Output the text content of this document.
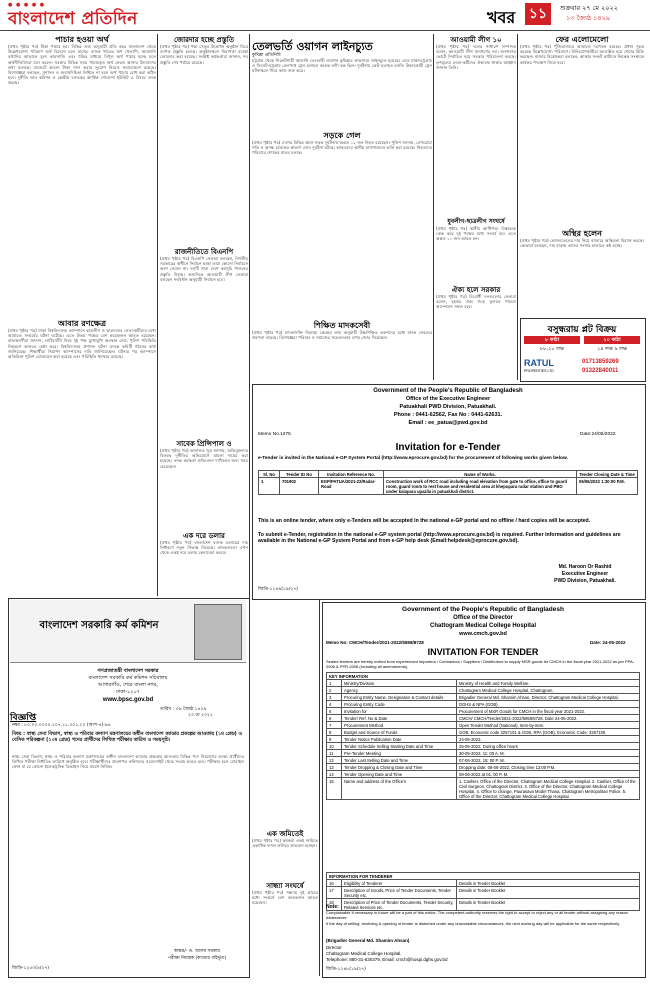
● ● ● ● ●
বাংলাদেশ প্রতিদিন	খবর ১১	শুক্রবার ২৭ মে ২০২২
১৩ জ্যৈষ্ঠ ১৪২৯
পাচার হওয়া অর্থ
(প্রথম পৃষ্ঠার পর) টাকা পাচার হয়। বিভিন্ন তথ্য অনুযায়ী প্রতি বছর বাংলাদেশ থেকে উল্লেখযোগ্য পরিমাণ অর্থ বিদেশে চলে যাচ্ছে। ব্যাংক খাতের ঋণ খেলাপি, আমদানি রপ্তানির আড়ালে মূল্য কারসাজি এবং হুন্ডির মাধ্যমে বিপুল অর্থ পাচার হচ্ছে বলে অর্থনীতিবিদরা মনে করেন। সরকার বিভিন্ন সময় পাচারকৃত অর্থ ফেরত আনার উদ্যোগের কথা বলেছে। বাজেটে কালো টাকা সাদা করার সুযোগ নিয়েও সমালোচনা রয়েছে। বিশেষজ্ঞরা বলছেন, সুশাসন ও জবাবদিহিতা নিশ্চিত না হলে অর্থ পাচার রোধ করা কঠিন হবে। দুর্নীতি দমন কমিশন ও কেন্দ্রীয় ব্যাংকের আর্থিক গোয়েন্দা ইউনিট এ বিষয়ে তদন্ত করছে।
আবার রণক্ষেত্র
(প্রথম পৃষ্ঠার পর) ঢাকা বিশ্ববিদ্যালয় ক্যাম্পাসে ছাত্রলীগ ও ছাত্রদলের নেতা-কর্মীদের মধ্যে আবারও সংঘর্ষের ঘটনা ঘটেছে। এতে উভয় পক্ষের বেশ কয়েকজন আহত হয়েছেন। প্রত্যক্ষদর্শীরা জানান, লাঠিসোঁটা নিয়ে দুই পক্ষ মুখোমুখি অবস্থান নেয়। পুলিশ পরিস্থিতি নিয়ন্ত্রণে আনতে চেষ্টা করে। বিশ্ববিদ্যালয় প্রশাসন ঘটনা তদন্তে কমিটি গঠনের কথা জানিয়েছে। শিক্ষার্থীরা নিরাপদ ক্যাম্পাসের দাবি জানিয়েছেন। ঘটনার পর ক্যাম্পাসে অতিরিক্ত পুলিশ মোতায়েন করা হয়েছে এবং পরিস্থিতি থমথমে রয়েছে।
বাংলাদেশ সরকারি কর্ম কমিশন
গণপ্রজাতন্ত্রী বাংলাদেশ সরকার
বাংলাদেশ সরকারি কর্ম কমিশন সচিবালয়
আগারগাঁও, শেরে বাংলা নগর,
ঢাকা-১২০৭
www.bpsc.gov.bd
বিজ্ঞপ্তি
তারিখ : ০৯ জ্যৈষ্ঠ ১৪২৯
২৩ মে ২০২২
নম্বর : ৮০.০০.০০০০.১০৭.১১.০০১.২০ (অংশ-৪)-৯৪
বিষয় : স্বাস্থ্য সেবা বিভাগ, স্বাস্থ্য ও পরিবার কল্যাণ মন্ত্রণালয়ের অধীন বাংলাদেশ ক্যাডার প্রকল্পের আওতায় (১ম গ্রেড) ও বেসিক পরিকল্পনা (১০ম গ্রেড) পদের প্রার্থীদের লিখিত পরীক্ষার তারিখ ও সময়সূচি।
স্বাস্থ্য সেবা বিভাগ, স্বাস্থ্য ও পরিবার কল্যাণ মন্ত্রণালয়ের অধীন বাংলাদেশ ক্যাডার প্রকল্পের আওতায় বিভিন্ন পদে নিয়োগের লক্ষ্যে প্রার্থীদের লিখিত পরীক্ষা নির্ধারিত তারিখে অনুষ্ঠিত হবে। পরীক্ষার্থীদের প্রবেশপত্র কমিশনের ওয়েবসাইট থেকে সংগ্রহ করতে হবে। পরীক্ষার হলে মোবাইল ফোন বা যে কোনো ইলেকট্রনিক ডিভাইস নিয়ে প্রবেশ নিষিদ্ধ।
স্বাক্ষর/- ড. আলম সরকার
পরীক্ষা নিয়ন্ত্রক (ক্যাডার বহির্ভূত)
জিডি-১২৫০(৪/২৭)
জোরদার হচ্ছে প্রস্তুতি
(প্রথম পৃষ্ঠার পর) পদ্মা সেতুর উদ্বোধন অনুষ্ঠান ঘিরে ব্যাপক প্রস্তুতি চলছে। অনুষ্ঠানস্থলে নিরাপত্তা ব্যবস্থা জোরদার করা হয়েছে। সংশ্লিষ্ট কর্মকর্তারা জানান, সব প্রস্তুতি শেষ পর্যায়ে রয়েছে।
রাজনীতিতে বিএনপি
(প্রথম পৃষ্ঠার পর) বিএনপি নেতারা বলছেন, নির্দলীয় সরকারের অধীনে নির্বাচন ছাড়া তারা কোনো নির্বাচনে অংশ নেবেন না। দলটি সারা দেশে কর্মসূচি পালনের প্রস্তুতি নিচ্ছে। অন্যদিকে আওয়ামী লীগ নেতারা বলছেন সংবিধান অনুযায়ী নির্বাচন হবে।
সাবেক প্রিন্সিপাল ও
(প্রথম পৃষ্ঠার পর) আদালত সূত্র জানায়, অভিযুক্তদের বিরুদ্ধে দুর্নীতির অভিযোগে মামলা দায়ের করা হয়েছে। তদন্ত কর্মকর্তা প্রতিবেদন দাখিলের জন্য সময় চেয়েছেন।
এক দরে ডলার
(প্রথম পৃষ্ঠার পর) বাংলাদেশ ব্যাংক ডলারের দাম নির্ধারণে নতুন সিদ্ধান্ত নিয়েছে। ব্যাংকগুলো এখন থেকে একই দরে ডলার কেনাবেচা করবে।
তেলভর্তি ওয়াগন লাইনচ্যুত
কুমিল্লা প্রতিনিধি
চট্টগ্রাম থেকে সিলেটগামী জ্বালানি তেলবাহী ওয়াগন কুমিল্লার লাকসামে লাইনচ্যুত হয়েছে। এতে ঢাকা-চট্টগ্রাম ও সিলেট-চট্টগ্রাম রেলপথে ট্রেন চলাচল কয়েক ঘণ্টা বন্ধ ছিল। দুর্ঘটনায় কেউ হতাহত হননি। উদ্ধারকারী ট্রেন ঘটনাস্থলে গিয়ে কাজ শুরু করে।
সড়কে গেল
(প্রথম পৃষ্ঠার পর) দেশের বিভিন্ন স্থানে সড়ক দুর্ঘটনায় অন্তত ১২ জন নিহত হয়েছেন। পুলিশ জানায়, বেপরোয়া গতি ও অদক্ষ চালকের কারণে এসব দুর্ঘটনা ঘটছে। আহতদের স্থানীয় হাসপাতালে ভর্তি করা হয়েছে। নিহতদের পরিবারে শোকের মাতম চলছে।
শিক্ষিত মাদকসেবী
(প্রথম পৃষ্ঠার পর) মাদকাসক্তি নিরাময় কেন্দ্রের তথ্য অনুযায়ী উচ্চশিক্ষিত তরুণদের মধ্যে মাদক সেবনের প্রবণতা বাড়ছে। বিশেষজ্ঞরা পরিবার ও সমাজের সচেতনতার ওপর জোর দিয়েছেন।
আওয়ামী লীগ ১০
(প্রথম পৃষ্ঠার পর) দলের সাধারণ সম্পাদক বলেন, আওয়ামী লীগ জনগণের দল। জনগণের ভোটে নির্বাচিত হয়ে সরকার পরিচালনা করছে। তৃণমূলের নেতা-কর্মীদের ঐক্যবদ্ধ থাকার আহ্বান জানান তিনি।
যুবলীগ-ছাত্রলীগ সংঘর্ষে
(প্রথম পৃষ্ঠার পর) স্থানীয় আধিপত্য বিস্তারকে কেন্দ্র করে দুই পক্ষের মধ্যে সংঘর্ষ হয়। এতে অন্তত ১০ জন আহত হন।
ঐক্য হলে সরকার
(প্রথম পৃষ্ঠার পর) বিরোধী দলগুলোর নেতারা বলেন, বৃহত্তর ঐক্য গড়ে তুলতে পারলে আন্দোলন সফল হবে।
ফের এলোমেলো
(প্রথম পৃষ্ঠার পর) পুঁজিবাজারে আবারও দরপতন হয়েছে। প্রধান সূচক কমেছে উল্লেখযোগ্য পরিমাণে। বিনিয়োগকারীরা আতঙ্কিত হয়ে শেয়ার বিক্রি করছেন। বাজার বিশ্লেষকরা বলছেন, আস্থার সংকট কাটাতে নিয়ন্ত্রক সংস্থাকে কার্যকর পদক্ষেপ নিতে হবে।
অস্থির হলেন
(প্রথম পৃষ্ঠার পর) ভোজ্যতেলের দাম নিয়ে বাজারে অস্থিরতা বিরাজ করছে। ক্রেতারা বলছেন, দাম বাড়ায় তাদের সংসার চালাতে কষ্ট হচ্ছে।
বসুন্ধরায় প্লট বিক্রয়
৮ কাঠা	১০ কাঠা
৮৮,২০ লক্ষ	১৪ লক্ষ ৯ লক্ষ
RATUL
PROPERTIES LTD
01713859269
01322840011
Government of the People's Republic of Bangladesh
Office of the Executive Engineer
Patuakhali PWD Division, Patuakhali.
Phone : 0441-62562, Fax No : 0441-62631.
Email : ee_patua@pwd.gov.bd
Memo No.1275	Date:24/05/2022
Invitation for e-Tender
e-Tender is invited in the National e-GP System Portal (http://www.eprocure.gov.bd) for the procurement of following works given below.
Sl. No	Tender ID No	Invitation Reference No.	Name of Works.	Tender Closing Date & Time
1	701902	EGP/PATUA/2021-22/Radar-Road	Construction work of RCC road including road elevation from gate to office, office to guard room, guard room to rest house and residential area at khepupara radar station and PBO under kalapara upazila in patuakhali district.	06/06/2022 1:30:00 P.M.
This is an online tender, where only e-Tenders will be accepted in the national e-GP portal and no offline / hard copies will be accepted.
To submit e-Tender, registration in the national e-GP system portal (http://www.eprocure.gov.bd) is required. Further information and guidelines are available in the National e-GP System Portal and from e-GP help desk (Email:helpdesk@eprocure.gov.bd).
Md. Haroon Or Rashid
Executive Engineer
PWD Division, Patuakhali.
জিডি-১২৪৯(১৯/২৭)
এক জমিতেই
(প্রথম পৃষ্ঠার পর) কৃষকরা একই জমিতে একাধিক ফসল ফলিয়ে লাভবান হচ্ছেন।
সান্ধ্যা সংঘর্ষে
(প্রথম পৃষ্ঠার পর) সন্ধ্যায় দুই গ্রামের মধ্যে সংঘর্ষে বেশ কয়েকজন আহত হয়েছেন।
Government of the People's Republic of Bangladesh
Office of the Director
Chattogram Medical College Hospital
www.cmch.gov.bd
Memo No: CMCH/Tender/2021-2022/5858/8728	Date: 24-05-2022
INVITATION FOR TENDER
Sealed tenders are hereby invited from experienced Importers / Contractors / Suppliers / Distributors to supply MSR goods for CMCH in the fiscal year 2021-2022 as per PPA-2006 & PPR-2008 (including all amendments).
KEY INFORMATION		
1	Ministry/Division	Ministry of Health and Family Welfare.
2	Agency	Chattogram Medical College Hospital, Chattogram.
3	Procuring Entity Name, Designation & Contact details	Brigadier General Md. Shamim Ahsan, Director, Chattogram Medical College Hospital.
4	Procuring Entity Code	DGHS & NPA (GOB).
5	Invitation for	Procurement of MSR Goods for CMCH in the fiscal year 2021-2022.
6	Tender/ Ref. No & Date	CMCH/ CMCH/Tender/2021-2022/5858/8728. Date 24-05-2022.
7	Procurement Method	Open Tender Method (National), Item-by-item.
8	Budget and Source of Funds	GOB, Economic code 3257101 & GOB, RPA (GOB), Economic Code: 3257105
9	Tender Notice Publication Date	24-05-2022.
10	Tender Schedule Selling Starting Date and Time	25-05-2022. During office hours
11	Pre-Tender Meeting	30-05-2022, 11: 00 A. M.
12	Tender Last Selling Date and Time	07-06-2022, 15: 00 P. M.
13	Tender Dropping & Closing Date and Time	Dropping date: 08-06-2022, Closing time 12:00 P.M.
14	Tender Opening Date and Time	08-06-2022 at 01: 00 P. M.
15	Name and address of the Office's	1. Cashier, Office of the Director, Chattogram Medical College Hospital. 2. Cashier, Office of the Civil Surgeon, Chattogram District. 3. Office of the Director, Chattogram Medical College Hospital. 4. Office to change, Paurasava Model Thana, Chattogram Metropolitan Police. 5. Office of the Director, Chattogram Medical College Hospital.
INFORMATION FOR TENDERER		
16	Eligibility of Tenderer	Details in Tender Booklet
17	Description of Goods, Price of Tender Documents, Tender Security etc.	Details in Tender Booklet
18	Description of Price of Tender Documents, Tender Security, Related Services etc.	Details in Tender Booklet
Note:
Complainable if necessary in future will be a part of this notice. The competent authority reserves the right to accept or reject any or all tender without assigning any reason whatsoever.
If the day of selling, receiving & opening of tender is disturbed under any unavoidable circumstances, the next working day will be applicable for the same respectively.
(Brigadier General Md. Shamim Ahsan)
Director
Chattogram Medical College Hospital.
Telephone: 880-31-630379, Email: cmch@hospi.dghs.gov.bd
জিডি-১২৪৮(১৯/২৭)
